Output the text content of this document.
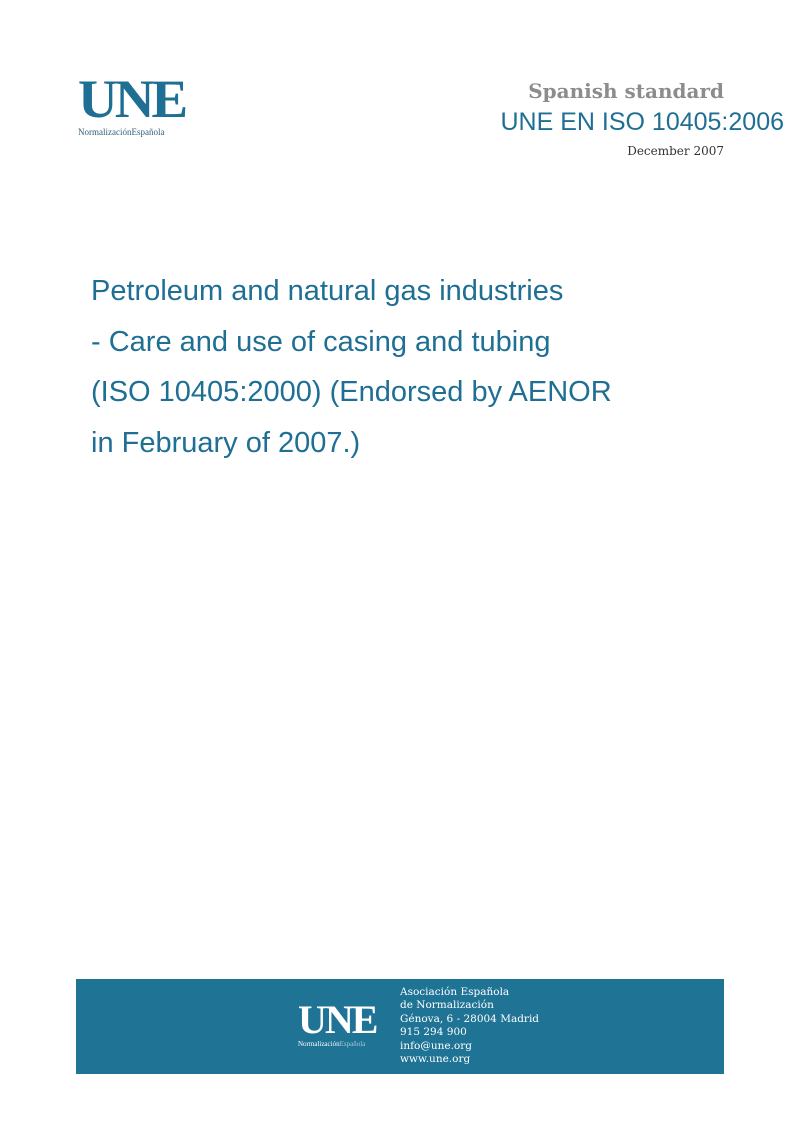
UNE
NormalizaciónEspañola
Spanish standard
UNE EN ISO 10405:2006
December 2007
Petroleum and natural gas industries
- Care and use of casing and tubing
(ISO 10405:2000) (Endorsed by AENOR
in February of 2007.)
UNE
NormalizaciónEspañola
Asociación Española
de Normalización
Génova, 6 - 28004 Madrid
915 294 900
info@une.org
www.une.org
